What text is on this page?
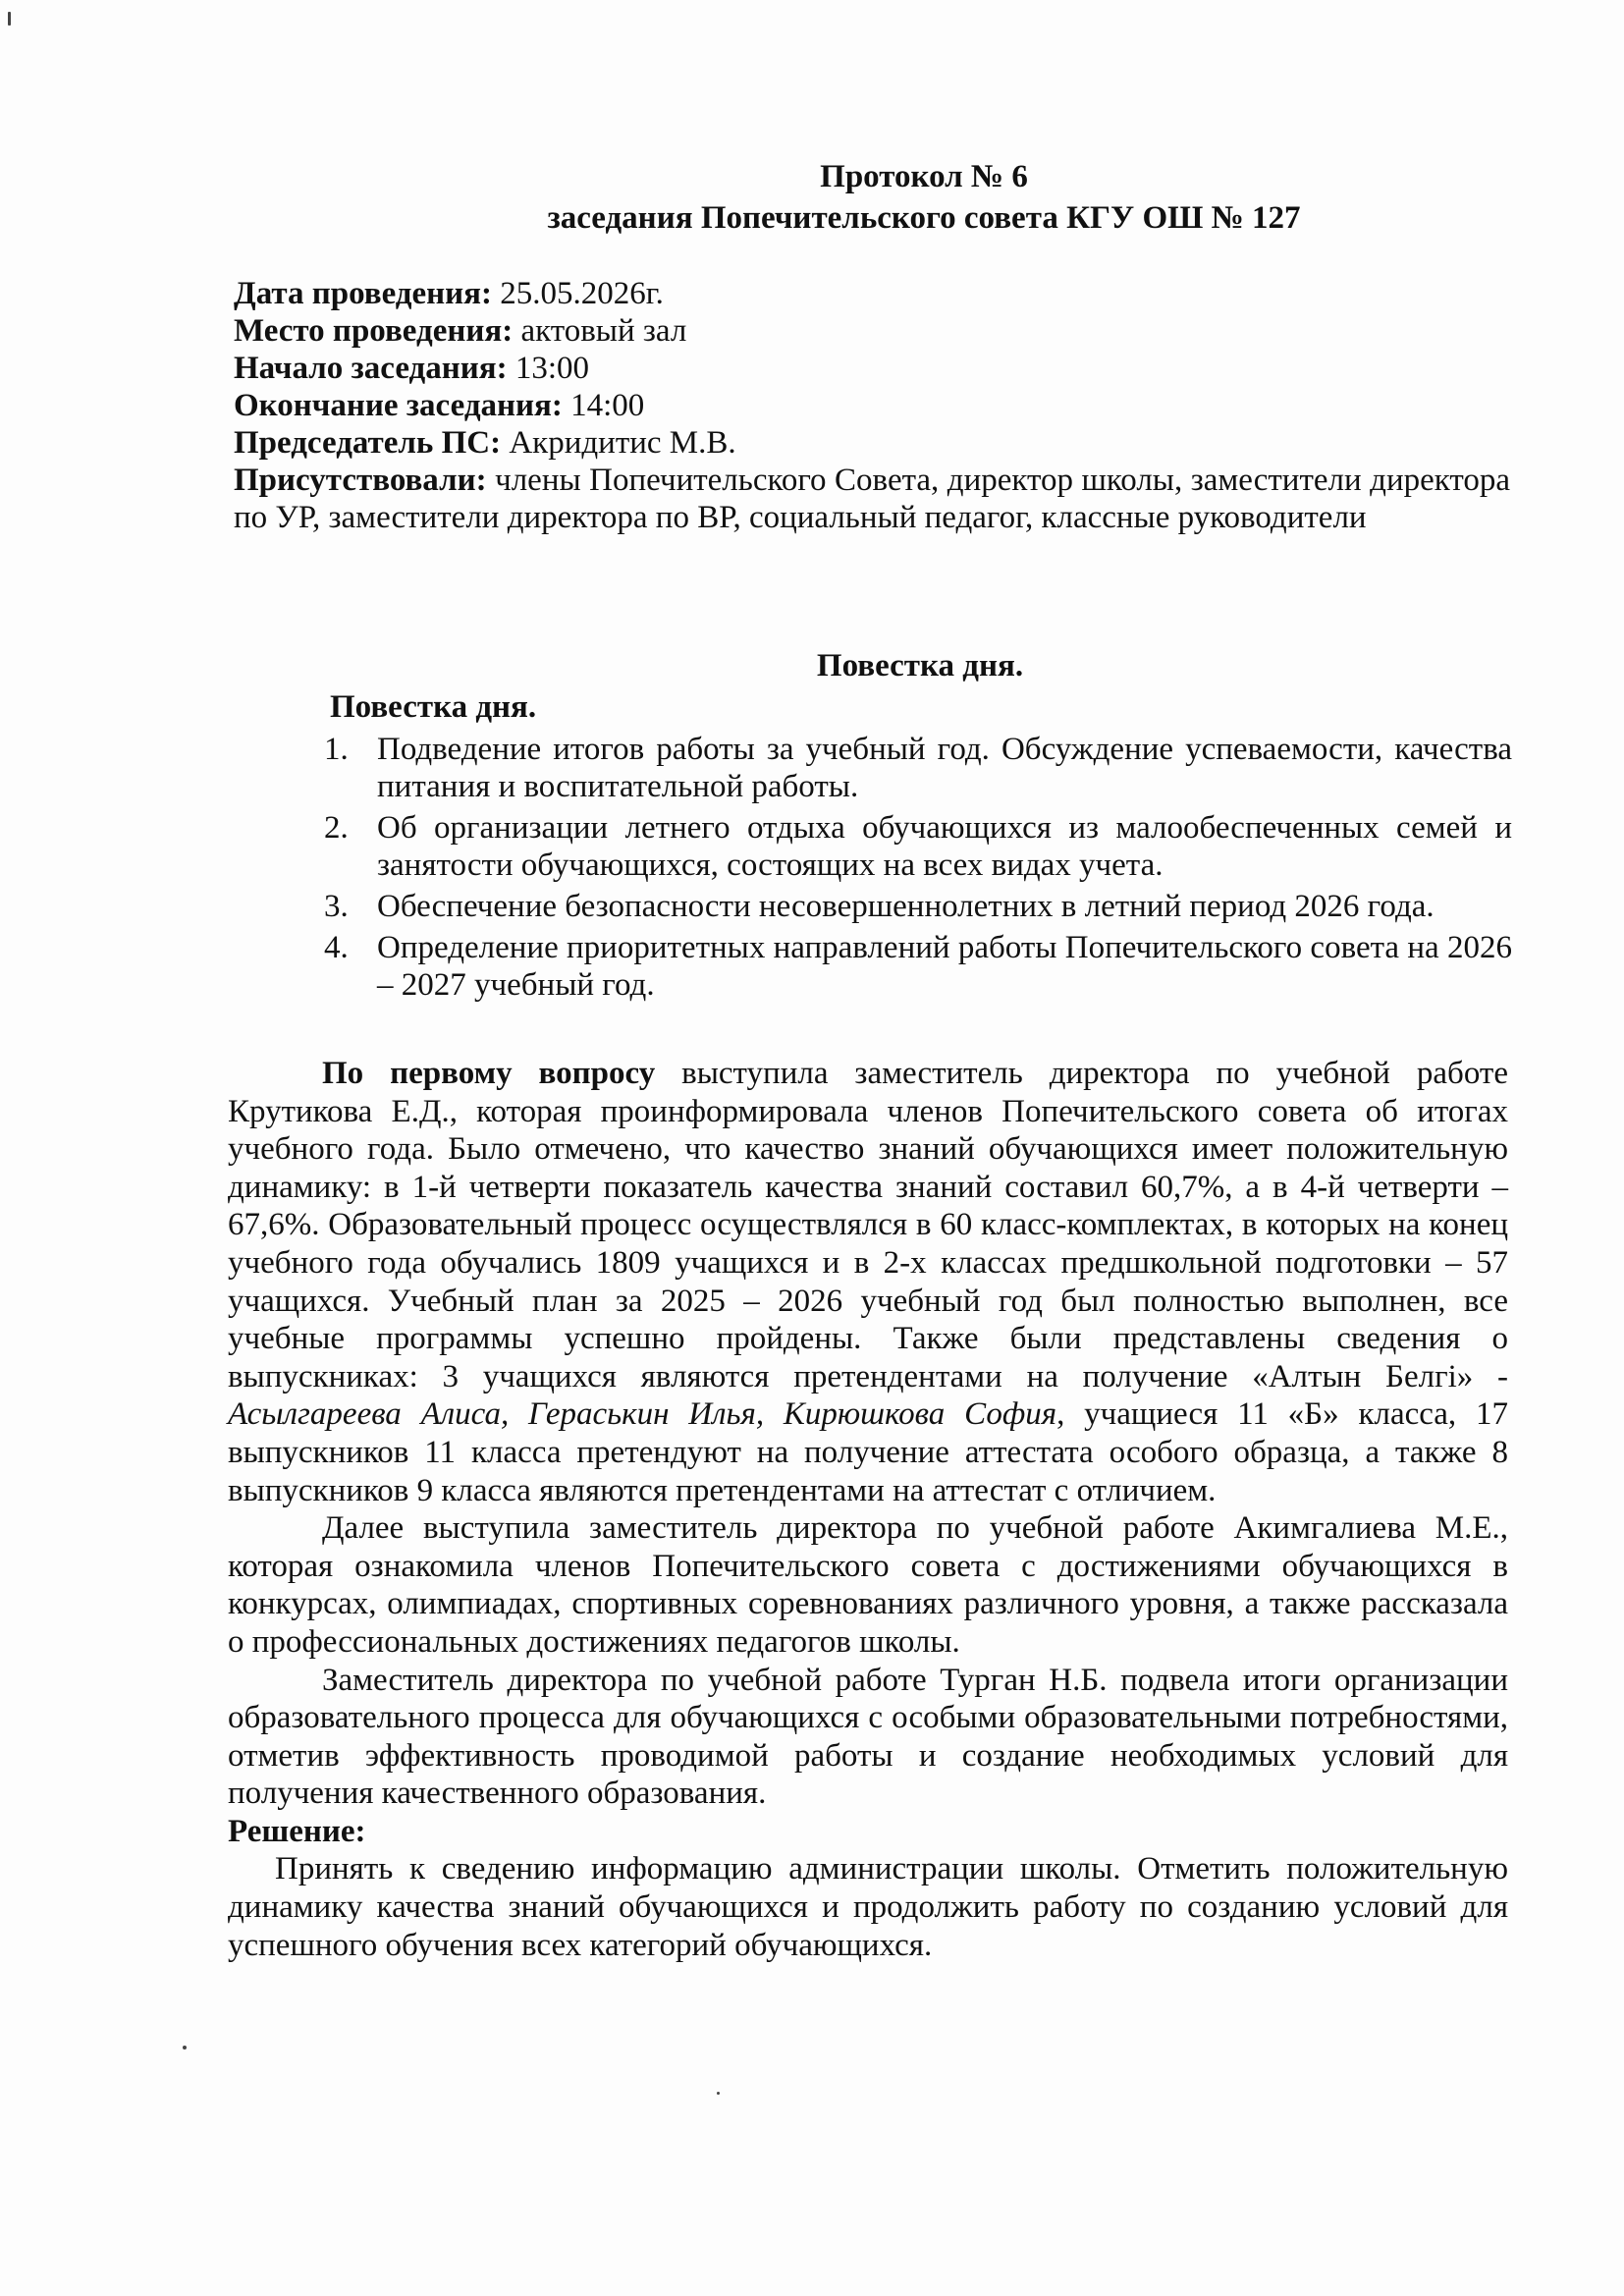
Протокол № 6
заседания Попечительского совета КГУ ОШ № 127
Дата проведения: 25.05.2026г.
Место проведения: актовый зал
Начало заседания: 13:00
Окончание заседания: 14:00
Председатель ПС: Акридитис М.В.
Присутствовали: члены Попечительского Совета, директор школы, заместители директора по УР, заместители директора по ВР, социальный педагог, классные руководители
Повестка дня.
Повестка дня.
1. Подведение итогов работы за учебный год. Обсуждение успеваемости, качества питания и воспитательной работы.
2. Об организации летнего отдыха обучающихся из малообеспеченных семей и занятости обучающихся, состоящих на всех видах учета.
3. Обеспечение безопасности несовершеннолетних в летний период 2026 года.
4. Определение приоритетных направлений работы Попечительского совета на 2026 – 2027 учебный год.

По первому вопросу выступила заместитель директора по учебной работе Крутикова Е.Д., которая проинформировала членов Попечительского совета об итогах учебного года. Было отмечено, что качество знаний обучающихся имеет положительную динамику: в 1-й четверти показатель качества знаний составил 60,7%, а в 4-й четверти – 67,6%. Образовательный процесс осуществлялся в 60 класс-комплектах, в которых на конец учебного года обучались 1809 учащихся и в 2-х классах предшкольной подготовки – 57 учащихся. Учебный план за 2025 – 2026 учебный год был полностью выполнен, все учебные программы успешно пройдены. Также были представлены сведения о выпускниках: 3 учащихся являются претендентами на получение «Алтын Белгі» - Асылгареева Алиса, Гераськин Илья, Кирюшкова София, учащиеся 11 «Б» класса, 17 выпускников 11 класса претендуют на получение аттестата особого образца, а также 8 выпускников 9 класса являются претендентами на аттестат с отличием.

Далее выступила заместитель директора по учебной работе Акимгалиева М.Е., которая ознакомила членов Попечительского совета с достижениями обучающихся в конкурсах, олимпиадах, спортивных соревнованиях различного уровня, а также рассказала о профессиональных достижениях педагогов школы.

Заместитель директора по учебной работе Турган Н.Б. подвела итоги организации образовательного процесса для обучающихся с особыми образовательными потребностями, отметив эффективность проводимой работы и создание необходимых условий для получения качественного образования.

Решение:

Принять к сведению информацию администрации школы. Отметить положительную динамику качества знаний обучающихся и продолжить работу по созданию условий для успешного обучения всех категорий обучающихся.
